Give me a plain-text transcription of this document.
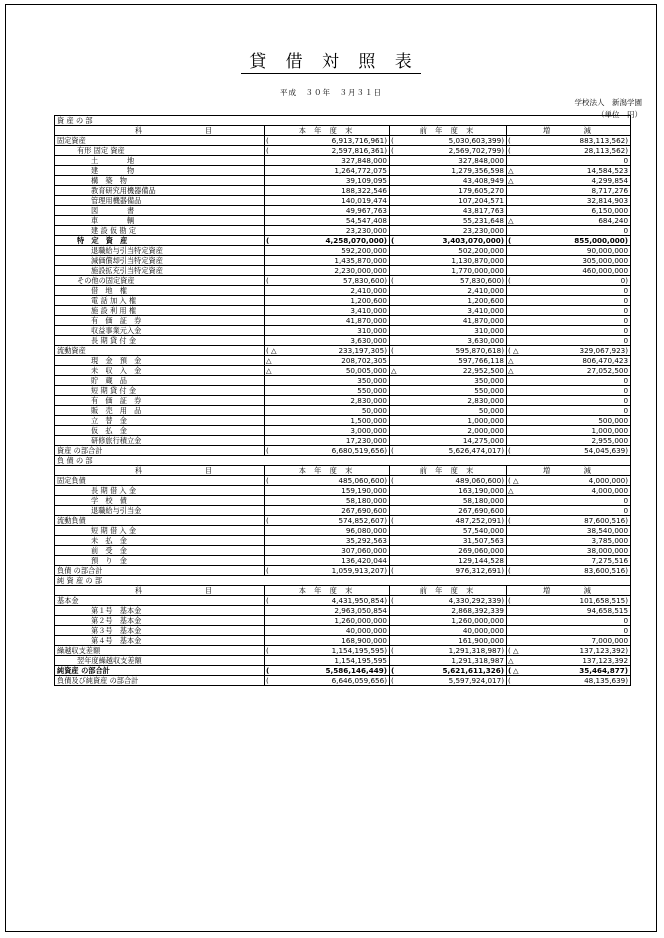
貸 借 対 照 表
平成　３０年　３月３１日
学校法人　新潟学園
（単位　円）
資 産 の 部			

科 目	本 年 度 末	前 年 度 末	増　　　減
固定資産	( 6,913,716,961)	( 5,030,603,399)	( 883,113,562)
有形 固定 資産	( 2,597,816,361)	( 2,569,702,799)	( 28,113,562)
土　　　　地	327,848,000	327,848,000	0
建　　　　物	1,264,772,075	1,279,356,598	△ 14,584,523
構　築　物	39,109,095	43,408,949	△ 4,299,854
教育研究用機器備品	188,322,546	179,605,270	8,717,276
管理用機器備品	140,019,474	107,204,571	32,814,903
図　　　　書	49,967,763	43,817,763	6,150,000
車　　　　輌	54,547,408	55,231,648	△ 684,240
建 設 仮 勘 定	23,230,000	23,230,000	0
特　定　資　産	( 4,258,070,000)	( 3,403,070,000)	( 855,000,000)
退職給与引当特定資産	592,200,000	502,200,000	90,000,000
減価償却引当特定資産	1,435,870,000	1,130,870,000	305,000,000
施設拡充引当特定資産	2,230,000,000	1,770,000,000	460,000,000
その他の固定資産	( 57,830,600)	( 57,830,600)	( 0)
借　地　権	2,410,000	2,410,000	0
電 話 加 入 権	1,200,600	1,200,600	0
施 設 利 用 権	3,410,000	3,410,000	0
有　価　証　券	41,870,000	41,870,000	0
収益事業元入金	310,000	310,000	0
長 期 貸 付 金	3,630,000	3,630,000	0
流動資産	( △ 233,197,305)	( 595,870,618)	( △ 329,067,923)
現　金　預　金	△ 208,702,305	597,766,118	△ 806,470,423
未　収　入　金	△ 50,005,000	△ 22,952,500	△ 27,052,500
貯　蔵　品	350,000	350,000	0
短 期 貸 付 金	550,000	550,000	0
有　価　証　券	2,830,000	2,830,000	0
販　売　用　品	50,000	50,000	0
立　替　金	1,500,000	1,000,000	500,000
仮　払　金	3,000,000	2,000,000	1,000,000
研修旅行積立金	17,230,000	14,275,000	2,955,000
資産 の部合計	( 6,680,519,656)	( 5,626,474,017)	( 54,045,639)
負 債 の 部			

科 目	本 年 度 末	前 年 度 末	増　　　減
固定負債	( 485,060,600)	( 489,060,600)	( △ 4,000,000)
長 期 借 入 金	159,190,000	163,190,000	△ 4,000,000
学　校　債	58,180,000	58,180,000	0
退職給与引当金	267,690,600	267,690,600	0
流動負債	( 574,852,607)	( 487,252,091)	( 87,600,516)
短 期 借 入 金	96,080,000	57,540,000	38,540,000
未　払　金	35,292,563	31,507,563	3,785,000
前　受　金	307,060,000	269,060,000	38,000,000
預　り　金	136,420,044	129,144,528	7,275,516
負債 の部合計	( 1,059,913,207)	( 976,312,691)	( 83,600,516)
純 資 産 の 部			

科 目	本 年 度 末	前 年 度 末	増　　　減
基本金	( 4,431,950,854)	( 4,330,292,339)	( 101,658,515)
第１号　基本金	2,963,050,854	2,868,392,339	94,658,515
第２号　基本金	1,260,000,000	1,260,000,000	0
第３号　基本金	40,000,000	40,000,000	0
第４号　基本金	168,900,000	161,900,000	7,000,000
繰越収支差額	( 1,154,195,595)	( 1,291,318,987)	( △ 137,123,392)
翌年度繰越収支差額	1,154,195,595	1,291,318,987	△ 137,123,392
純資産 の部合計	( 5,586,146,449)	( 5,621,611,326)	( △ 35,464,877)
負債及び純資産 の部合計	( 6,646,059,656)	( 5,597,924,017)	( 48,135,639)
